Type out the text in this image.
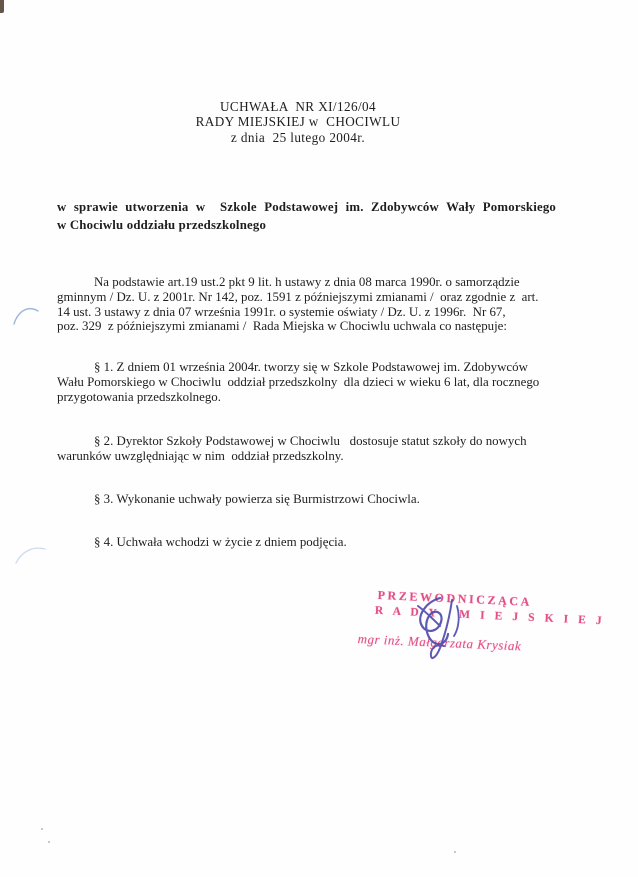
UCHWAŁA  NR XI/126/04
RADY MIEJSKIEJ w  CHOCIWLU
z dnia  25 lutego 2004r.
w sprawie utworzenia w  Szkole Podstawowej im. Zdobywców Wały Pomorskiego
w Chociwlu oddziału przedszkolnego
Na podstawie art.19 ust.2 pkt 9 lit. h ustawy z dnia 08 marca 1990r. o samorządzie
gminnym / Dz. U. z 2001r. Nr 142, poz. 1591 z późniejszymi zmianami /  oraz zgodnie z  art.
14 ust. 3 ustawy z dnia 07 września 1991r. o systemie oświaty / Dz. U. z 1996r.  Nr 67,
poz. 329  z późniejszymi zmianami /  Rada Miejska w Chociwlu uchwala co następuje:
§ 1. Z dniem 01 września 2004r. tworzy się w Szkole Podstawowej im. Zdobywców
Wału Pomorskiego w Chociwlu  oddział przedszkolny  dla dzieci w wieku 6 lat, dla rocznego
przygotowania przedszkolnego.
§ 2. Dyrektor Szkoły Podstawowej w Chociwlu   dostosuje statut szkoły do nowych
warunków uwzględniając w nim  oddział przedszkolny.
§ 3. Wykonanie uchwały powierza się Burmistrzowi Chociwla.
§ 4. Uchwała wchodzi w życie z dniem podjęcia.
PRZEWODNICZĄCA
R A D Y   M I E J S K I E J
mgr inż. Małgorzata Krysiak
